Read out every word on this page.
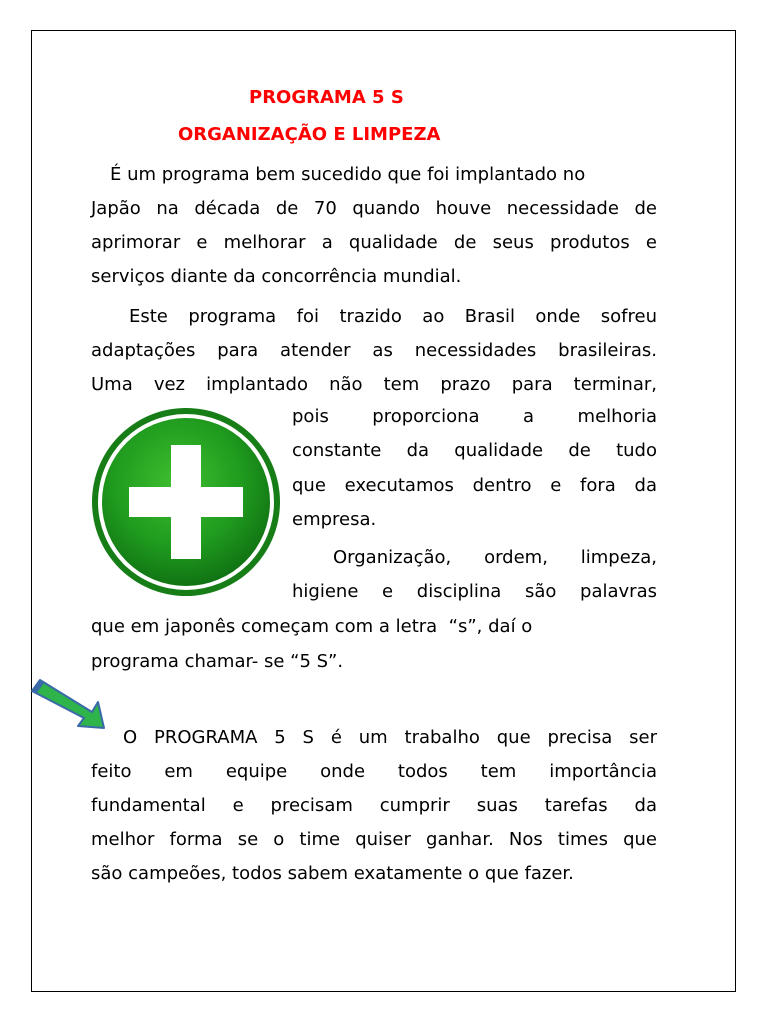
PROGRAMA 5 S
ORGANIZAÇÃO E LIMPEZA
É um programa bem sucedido que foi implantado no
Japão na década de 70 quando houve necessidade de
aprimorar e melhorar a qualidade de seus produtos e
serviços diante da concorrência mundial.
Este programa foi trazido ao Brasil onde sofreu
adaptações para atender as necessidades brasileiras.
Uma vez implantado não tem prazo para terminar,
pois proporciona a melhoria
constante da qualidade de tudo
que executamos dentro e fora da
empresa.
Organização, ordem, limpeza,
higiene e disciplina são palavras
que em japonês começam com a letra  “s”, daí o
programa chamar- se “5 S”.
O PROGRAMA 5 S é um trabalho que precisa ser
feito em equipe onde todos tem importância
fundamental e precisam cumprir suas tarefas da
melhor forma se o time quiser ganhar. Nos times que
são campeões, todos sabem exatamente o que fazer.
